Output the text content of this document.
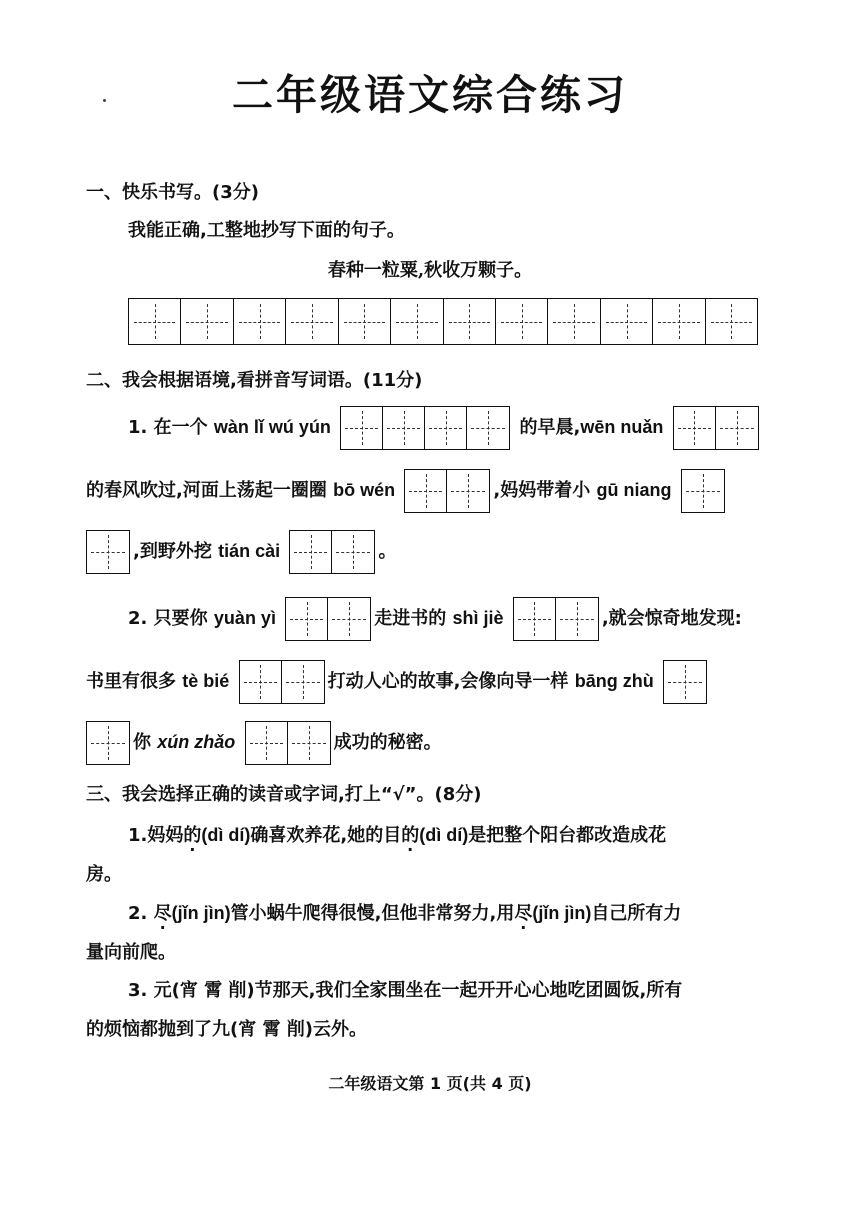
二年级语文综合练习
一、快乐书写。(3分)
我能正确,工整地抄写下面的句子。
春种一粒粟,秋收万颗子。
二、我会根据语境,看拼音写词语。(11分)
1. 在一个 wàn lǐ wú yún	的早晨,wēn nuǎn
的春风吹过,河面上荡起一圈圈 bō wén	,妈妈带着小 gū niang
,到野外挖 tián cài	。
2. 只要你 yuàn yì	走进书的 shì jiè	,就会惊奇地发现:
书里有很多 tè bié	打动人心的故事,会像向导一样 bāng zhù
你 xún zhǎo	成功的秘密。
三、我会选择正确的读音或字词,打上“√”。(8分)
1.妈妈的(dì dí)确喜欢养花,她的目的(dì dí)是把整个阳台都改造成花
房。
2. 尽(jǐn jìn)管小蜗牛爬得很慢,但他非常努力,用尽(jǐn jìn)自己所有力
量向前爬。
3. 元(宵 霄 削)节那天,我们全家围坐在一起开开心心地吃团圆饭,所有
的烦恼都抛到了九(宵 霄 削)云外。
二年级语文第 1 页(共 4 页)
